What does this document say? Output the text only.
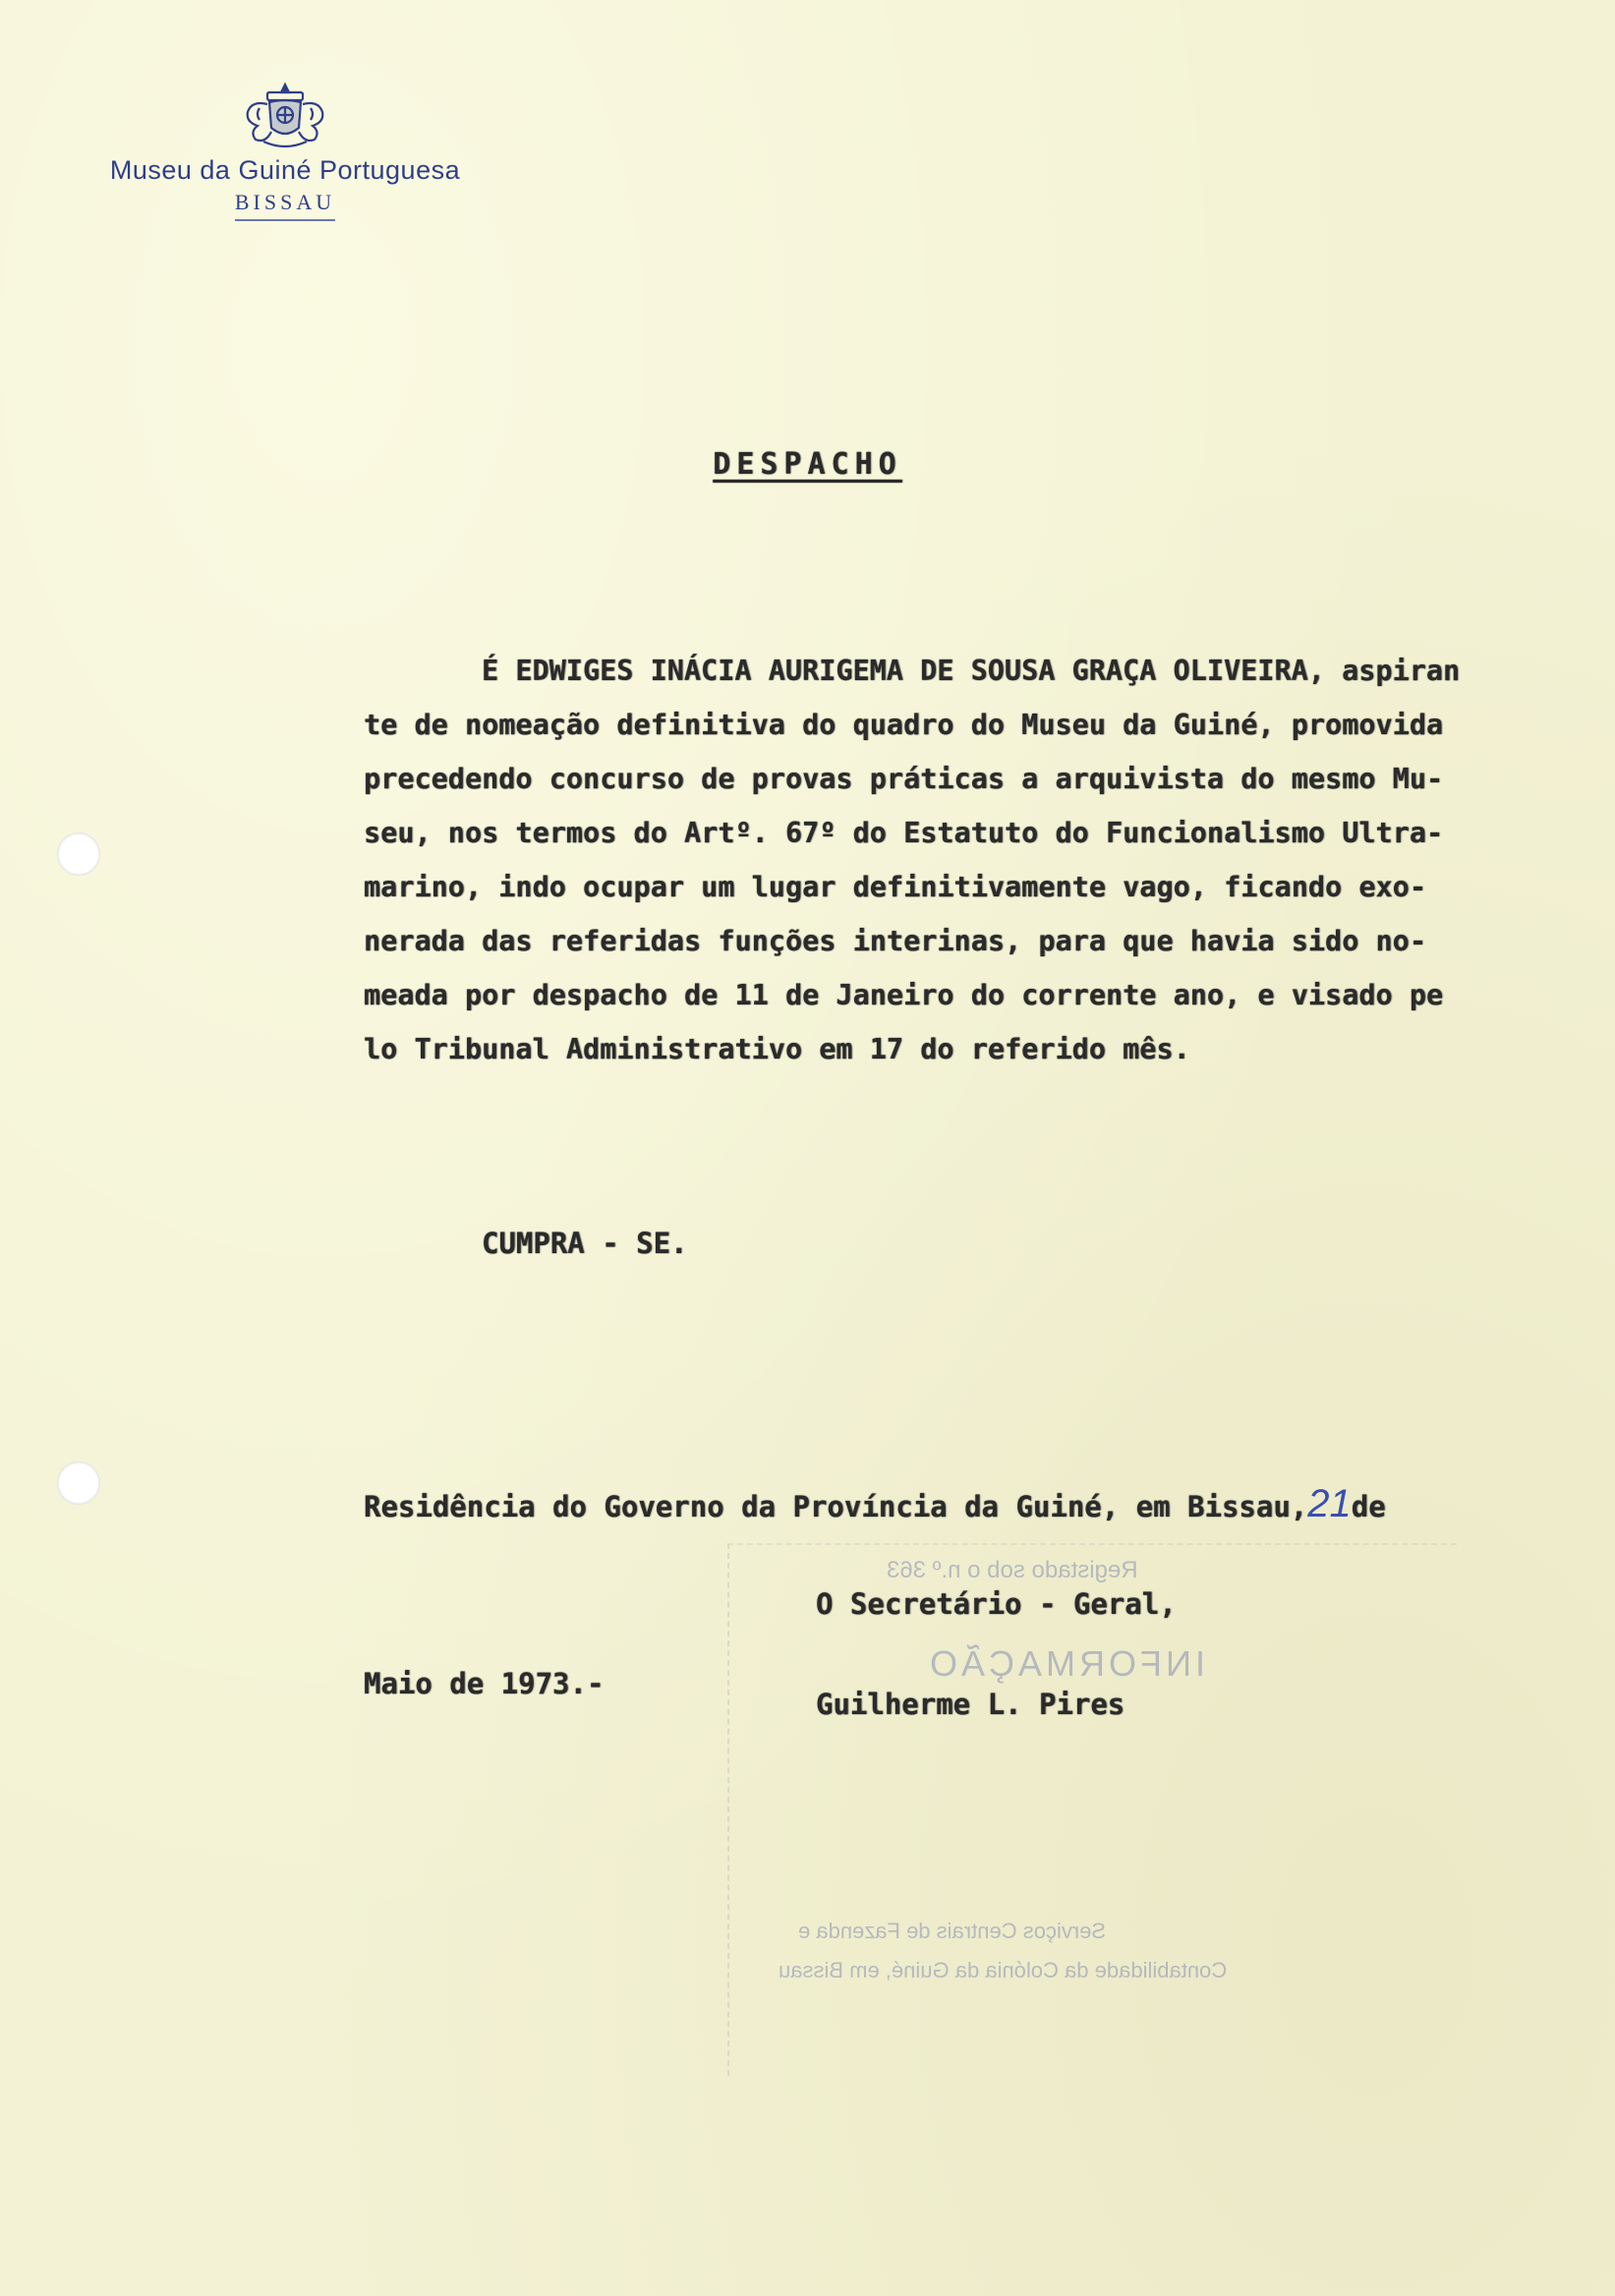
Museu da Guiné Portuguesa
BISSAU
DESPACHO
É EDWIGES INÁCIA AURIGEMA DE SOUSA GRAÇA OLIVEIRA, aspiran
te de nomeação definitiva do quadro do Museu da Guiné, promovida
precedendo concurso de provas práticas a arquivista do mesmo Mu-
seu, nos termos do Artº. 67º do Estatuto do Funcionalismo Ultra-
marino, indo ocupar um lugar definitivamente vago, ficando exo-
nerada das referidas funções interinas, para que havia sido no-
meada por despacho de 11 de Janeiro do corrente ano, e visado pe
lo Tribunal Administrativo em 17 do referido mês.
CUMPRA - SE.

Residência do Governo da Província da Guiné, em Bissau,21de

Maio de 1973.-

Registado sob o n.º 363
INFORMAÇÃO
Serviços Centrais de Fazenda e
Contabilidade da Colónia da Guiné, em Bissau
O Secretário - Geral,
Guilherme L. Pires
